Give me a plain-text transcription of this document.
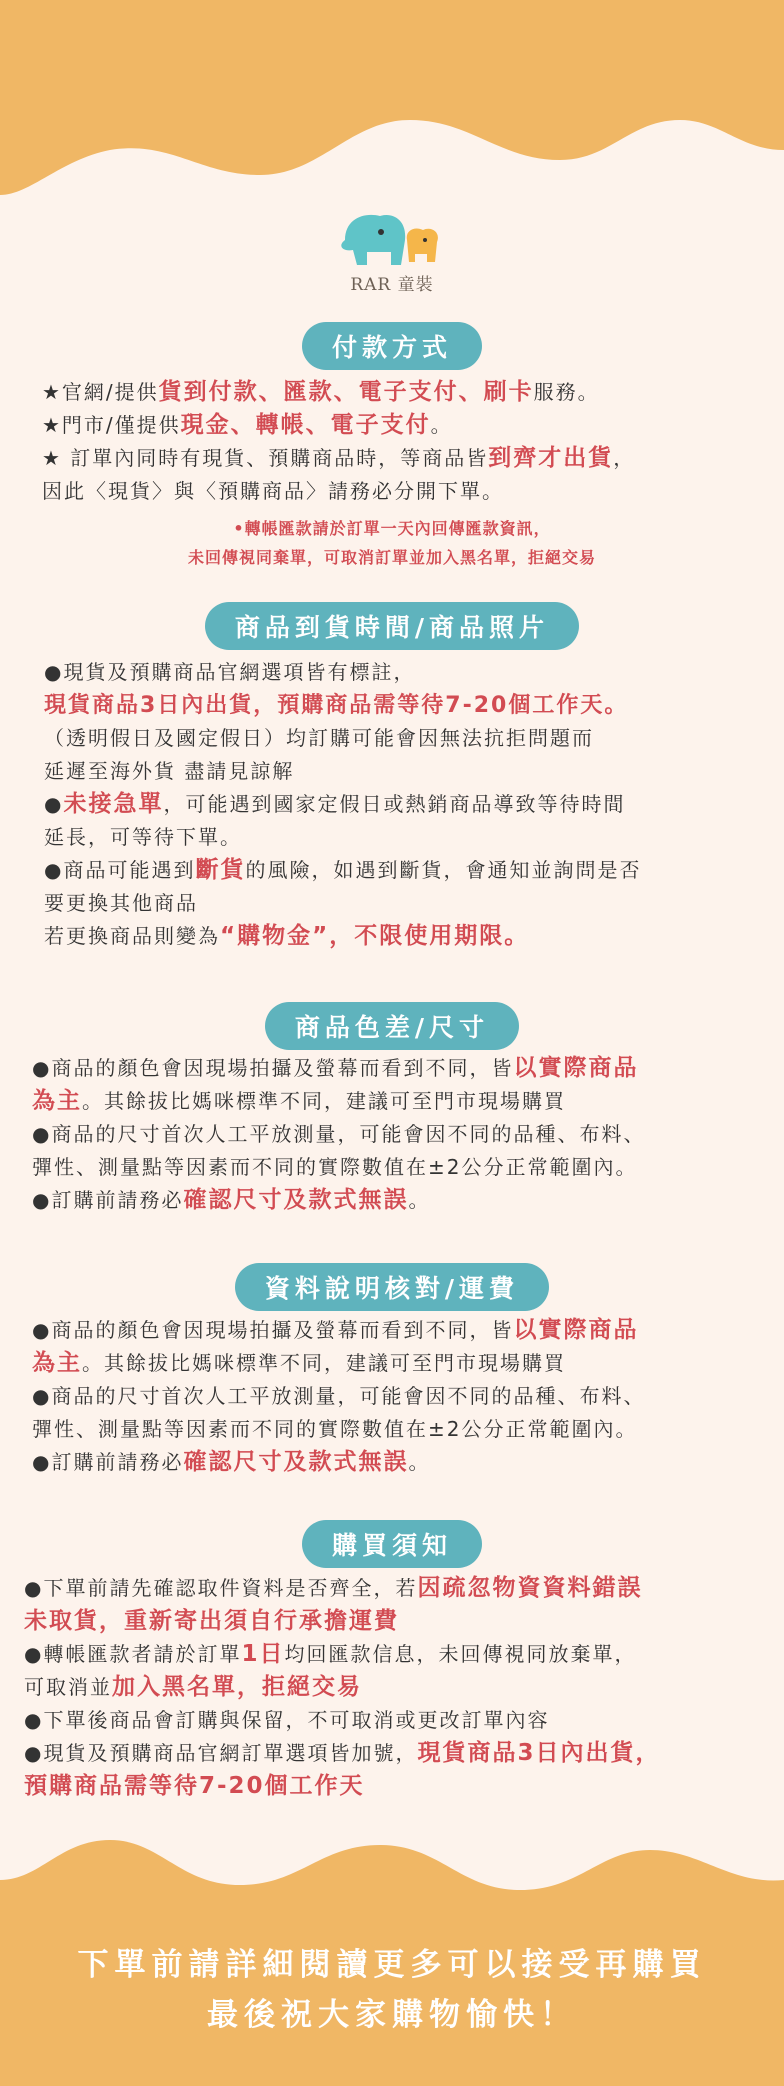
RAR 童裝
付款方式
★官網/提供貨到付款、匯款、電子支付、刷卡服務。
★門市/僅提供現金、轉帳、電子支付。
★ 訂單內同時有現貨、預購商品時，等商品皆到齊才出貨，
因此〈現貨〉與〈預購商品〉請務必分開下單。
•轉帳匯款請於訂單一天內回傳匯款資訊，
未回傳視同棄單，可取消訂單並加入黑名單，拒絕交易
商品到貨時間/商品照片
●現貨及預購商品官網選項皆有標註，
現貨商品3日內出貨，預購商品需等待7-20個工作天。
（透明假日及國定假日）均訂購可能會因無法抗拒問題而
延遲至海外貨 盡請見諒解
●未接急單，可能遇到國家定假日或熱銷商品導致等待時間
延長，可等待下單。
●商品可能遇到斷貨的風險，如遇到斷貨，會通知並詢問是否
要更換其他商品
若更換商品則變為“購物金”，不限使用期限。
商品色差/尺寸
●商品的顏色會因現場拍攝及螢幕而看到不同，皆以實際商品
為主。其餘拔比媽咪標準不同，建議可至門市現場購買
●商品的尺寸首次人工平放測量，可能會因不同的品種、布料、
彈性、測量點等因素而不同的實際數值在±2公分正常範圍內。
●訂購前請務必確認尺寸及款式無誤。
資料說明核對/運費
●商品的顏色會因現場拍攝及螢幕而看到不同，皆以實際商品
為主。其餘拔比媽咪標準不同，建議可至門市現場購買
●商品的尺寸首次人工平放測量，可能會因不同的品種、布料、
彈性、測量點等因素而不同的實際數值在±2公分正常範圍內。
●訂購前請務必確認尺寸及款式無誤。
購買須知
●下單前請先確認取件資料是否齊全，若因疏忽物資資料錯誤
未取貨，重新寄出須自行承擔運費
●轉帳匯款者請於訂單1日均回匯款信息，未回傳視同放棄單，
可取消並加入黑名單，拒絕交易
●下單後商品會訂購與保留，不可取消或更改訂單內容
●現貨及預購商品官網訂單選項皆加號，現貨商品3日內出貨，
預購商品需等待7-20個工作天
下單前請詳細閱讀更多可以接受再購買
最後祝大家購物愉快！
